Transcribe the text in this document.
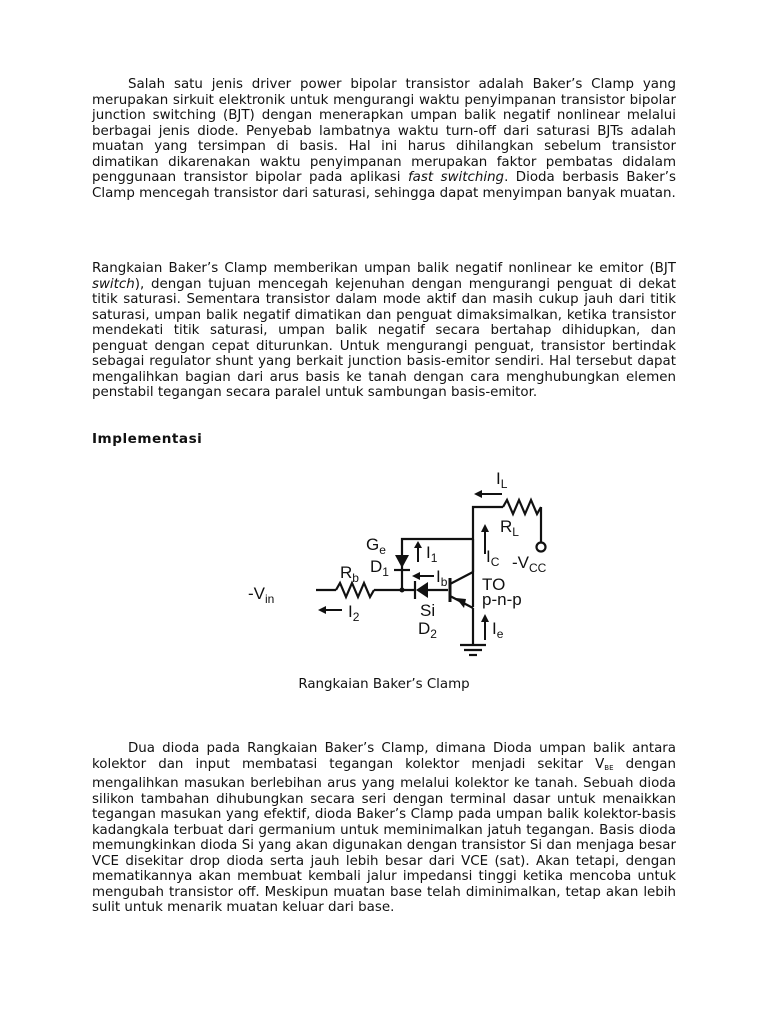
Salah satu jenis driver power bipolar transistor adalah Baker’s Clamp yang merupakan sirkuit elektronik untuk mengurangi waktu penyimpanan transistor bipolar junction switching (BJT) dengan menerapkan umpan balik negatif nonlinear melalui berbagai jenis diode. Penyebab lambatnya waktu turn-off dari saturasi BJTs adalah muatan yang tersimpan di basis. Hal ini harus dihilangkan sebelum transistor dimatikan dikarenakan waktu penyimpanan merupakan faktor pembatas didalam penggunaan transistor bipolar pada aplikasi fast switching. Dioda berbasis Baker’s Clamp mencegah transistor dari saturasi, sehingga dapat menyimpan banyak muatan.

Rangkaian Baker’s Clamp memberikan umpan balik negatif nonlinear ke emitor (BJT switch), dengan tujuan mencegah kejenuhan dengan mengurangi penguat di dekat titik saturasi. Sementara transistor dalam mode aktif dan masih cukup jauh dari titik saturasi, umpan balik negatif dimatikan dan penguat dimaksimalkan, ketika transistor mendekati titik saturasi, umpan balik negatif secara bertahap dihidupkan, dan penguat dengan cepat diturunkan. Untuk mengurangi penguat, transistor bertindak sebagai regulator shunt yang berkait junction basis-emitor sendiri. Hal tersebut dapat mengalihkan bagian dari arus basis ke tanah dengan cara menghubungkan elemen penstabil tegangan secara paralel untuk sambungan basis-emitor.

Implementasi

$I_L$
$R_L$
$I_C$ $-V_{CC}$
$G_e$
$D_1$
$I_1$
$I_b$
$R_b$	TO
p-n-p
$-V_{in}$
$I_2$	Si
$D_2$	$I_e$

Rangkaian Baker’s Clamp

Dua dioda pada Rangkaian Baker’s Clamp, dimana Dioda umpan balik antara kolektor dan input membatasi tegangan kolektor menjadi sekitar $V_{BE}$ dengan mengalihkan masukan berlebihan arus yang melalui kolektor ke tanah. Sebuah dioda silikon tambahan dihubungkan secara seri dengan terminal dasar untuk menaikkan tegangan masukan yang efektif, dioda Baker’s Clamp pada umpan balik kolektor-basis kadangkala terbuat dari germanium untuk meminimalkan jatuh tegangan. Basis dioda memungkinkan dioda Si yang akan digunakan dengan transistor Si dan menjaga besar VCE disekitar drop dioda serta jauh lebih besar dari VCE (sat). Akan tetapi, dengan mematikannya akan membuat kembali jalur impedansi tinggi ketika mencoba untuk mengubah transistor off. Meskipun muatan base telah diminimalkan, tetap akan lebih sulit untuk menarik muatan keluar dari base.
